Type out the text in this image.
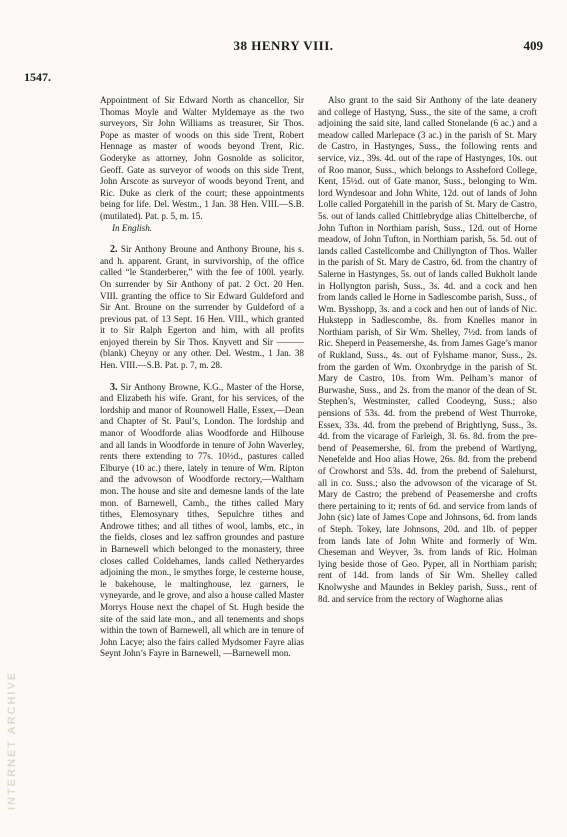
38 HENRY VIII.	409
1547.

Appointment of Sir Edward North as chancellor, Sir Thomas Moyle and Walter Myldemaye as the two surveyors, Sir John Williams as treasurer, Sir Thos. Pope as master of woods on this side Trent, Robert Hennage as master of woods beyond Trent, Ric. Goderyke as attorney, John Gosnolde as solicitor, Geoff. Gate as surveyor of woods on this side Trent, John Arscote as surveyor of woods beyond Trent, and Ric. Duke as clerk of the court; these appointments being for life. Del. Westm., 1 Jan. 38 Hen. VIII.—S.B. (mutilated). Pat. p. 5, m. 15.

In English.

2. Sir Anthony Broune and Anthony Broune, his s. and h. apparent. Grant, in survivorship, of the office called “le Standerberer,” with the fee of 100l. yearly. On surrender by Sir Anthony of pat. 2 Oct. 20 Hen. VIII. granting the office to Sir Edward Guldeford and Sir Ant. Broune on the surrender by Guldeford of a previous pat. of 13 Sept. 16 Hen. VIII., which granted it to Sir Ralph Egerton and him, with all profits enjoyed therein by Sir Thos. Knyvett and Sir ——— (blank) Cheyny or any other. Del. Westm., 1 Jan. 38 Hen. VIII.—S.B. Pat. p. 7, m. 28.

3. Sir Anthony Browne, K.G., Master of the Horse, and Elizabeth his wife. Grant, for his services, of the lordship and manor of Rounowell Halle, Essex,—Dean and Chapter of St. Paul’s, London. The lordship and manor of Woodforde alias Woodforde and Hilhouse and all lands in Woodforde in tenure of John Waverley, rents there extending to 77s. 10½d., pastures called Elburye (10 ac.) there, lately in tenure of Wm. Ripton and the advowson of Woodforde rectory,—Waltham mon. The house and site and demesne lands of the late mon. of Barnewell, Camb., the tithes called Mary tithes, Elemosynary tithes, Sepulchre tithes and Androwe tithes; and all tithes of wool, lambs, etc., in the fields, closes and lez saffron groundes and pasture in Barnewell which belonged to the monastery, three closes called Coldehames, lands called Netheryardes adjoining the mon., le smythes forge, le cesterne house, le bakehouse, le maltinghouse, lez garners, le vyneyarde, and le grove, and also a house called Master Morrys House next the chapel of St. Hugh beside the site of the said late mon., and all tenements and shops within the town of Barnewell, all which are in tenure of John Lacye; also the fairs called Mydsomer Fayre alias Seynt John’s Fayre in Barnewell, —Barnewell mon.

Also grant to the said Sir Anthony of the late deanery and college of Hastyng, Suss., the site of the same, a croft adjoining the said site, land called Stonelande (6 ac.) and a meadow called Marlepace (3 ac.) in the parish of St. Mary de Castro, in Hastynges, Suss., the following rents and service, viz., 39s. 4d. out of the rape of Hastynges, 10s. out of Roo manor, Suss., which belongs to Assheford College, Kent, 15½d. out of Gate manor, Suss., belonging to Wm. lord Wyndesoar and John White, 12d. out of lands of John Lolle called Porgatehill in the parish of St. Mary de Castro, 5s. out of lands called Chittlebrydge alias Chittelberche, of John Tufton in Northiam parish, Suss., 12d. out of Horne meadow, of John Tufton, in Northiam parish, 5s. 5d. out of lands called Castellcombe and Chillyngton of Thos. Waller in the parish of St. Mary de Castro, 6d. from the chantry of Salerne in Hastynges, 5s. out of lands called Bukholt lande in Hollyngton parish, Suss., 3s. 4d. and a cock and hen from lands called le Horne in Sadlescombe parish, Suss., of Wm. Bysshopp, 3s. and a cock and hen out of lands of Nic. Hukstepp in Sadlescombe, 8s. from Knelles manor in Northiam parish, of Sir Wm. Shelley, 7½d. from lands of Ric. Sheperd in Peasemershe, 4s. from James Gage’s manor of Rukland, Suss., 4s. out of Fylshame manor, Suss., 2s. from the garden of Wm. Oxonbrydge in the parish of St. Mary de Castro, 10s. from Wm. Pelham’s manor of Burwashe, Suss., and 2s. from the manor of the dean of St. Stephen’s, Westminster, called Coodeyng, Suss.; also pensions of 53s. 4d. from the prebend of West Thurroke, Essex, 33s. 4d. from the prebend of Brightlyng, Suss., 3s. 4d. from the vicarage of Farleigh, 3l. 6s. 8d. from the prebend of Peasemershe, 6l. from the prebend of Wartlyng, Nenefelde and Hoo alias Howe, 26s. 8d. from the prebend of Crowhorst and 53s. 4d. from the prebend of Salehurst, all in co. Suss.; also the advowson of the vicarage of St. Mary de Castro; the prebend of Peasemershe and crofts there pertaining to it; rents of 6d. and service from lands of John (sic) late of James Cope and Johnsons, 6d. from lands of Steph. Tokey, late Johnsons, 20d. and 1lb. of pepper from lands late of John White and formerly of Wm. Cheseman and Weyver, 3s. from lands of Ric. Holman lying beside those of Geo. Pyper, all in Northiam parish; rent of 14d. from lands of Sir Wm. Shelley called Knolwyshe and Maundes in Bekley parish, Suss., rent of 8d. and service from the rectory of Waghorne alias

INTERNET ARCHIVE
